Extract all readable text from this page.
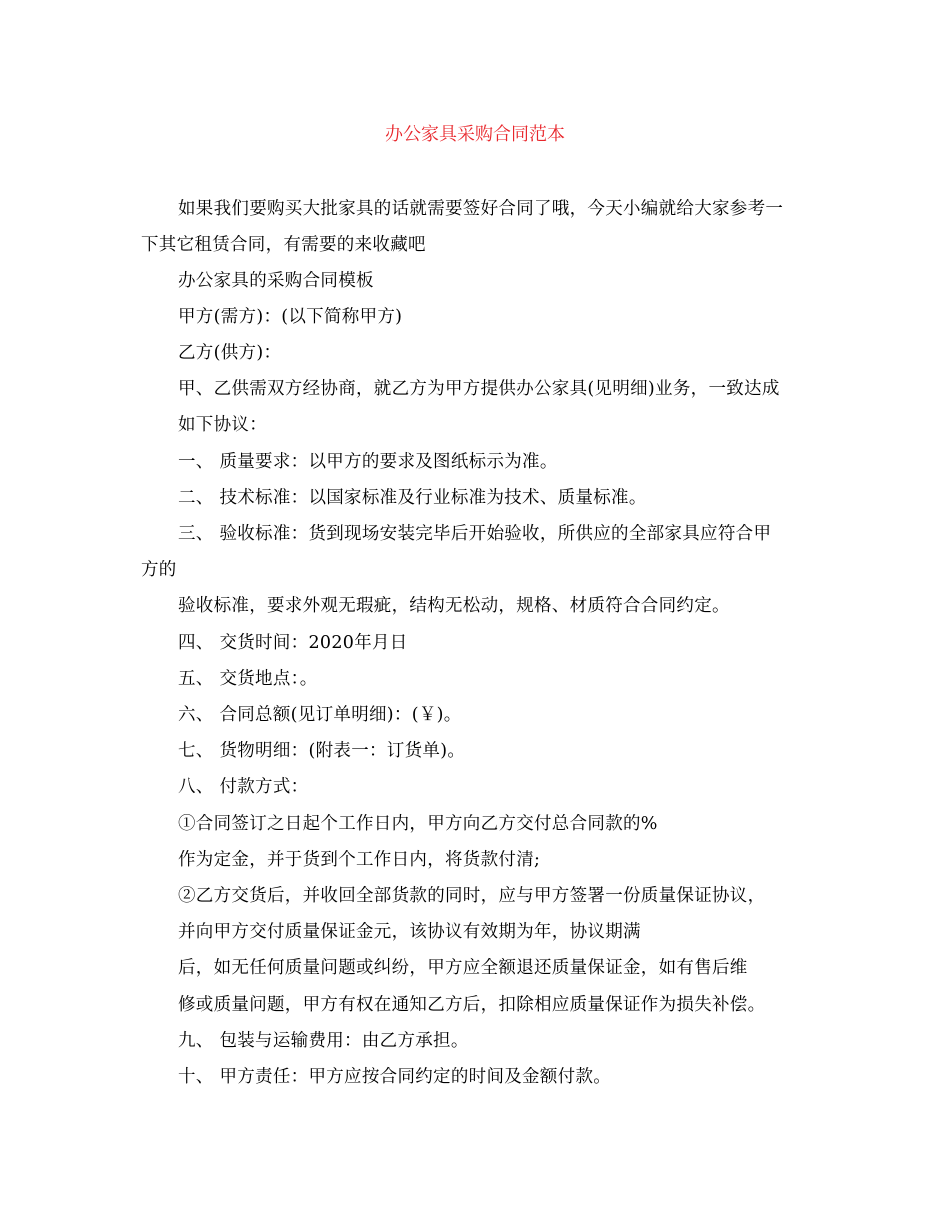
办公家具采购合同范本
如果我们要购买大批家具的话就需要签好合同了哦，今天小编就给大家参考一
下其它租赁合同，有需要的来收藏吧
办公家具的采购合同模板
甲方(需方)：(以下简称甲方)
乙方(供方)：
甲、乙供需双方经协商，就乙方为甲方提供办公家具(见明细)业务，一致达成
如下协议：
一、 质量要求：以甲方的要求及图纸标示为准。
二、 技术标准：以国家标准及行业标准为技术、质量标准。
三、 验收标准：货到现场安装完毕后开始验收，所供应的全部家具应符合甲
方的
验收标准，要求外观无瑕疵，结构无松动，规格、材质符合合同约定。
四、 交货时间：2020年月日
五、 交货地点：。
六、 合同总额(见订单明细)：(￥)。
七、 货物明细：(附表一：订货单)。
八、 付款方式：
①合同签订之日起个工作日内，甲方向乙方交付总合同款的%
作为定金，并于货到个工作日内，将货款付清;
②乙方交货后，并收回全部货款的同时，应与甲方签署一份质量保证协议，
并向甲方交付质量保证金元，该协议有效期为年，协议期满
后，如无任何质量问题或纠纷，甲方应全额退还质量保证金，如有售后维
修或质量问题，甲方有权在通知乙方后，扣除相应质量保证作为损失补偿。
九、 包装与运输费用：由乙方承担。
十、 甲方责任：甲方应按合同约定的时间及金额付款。
